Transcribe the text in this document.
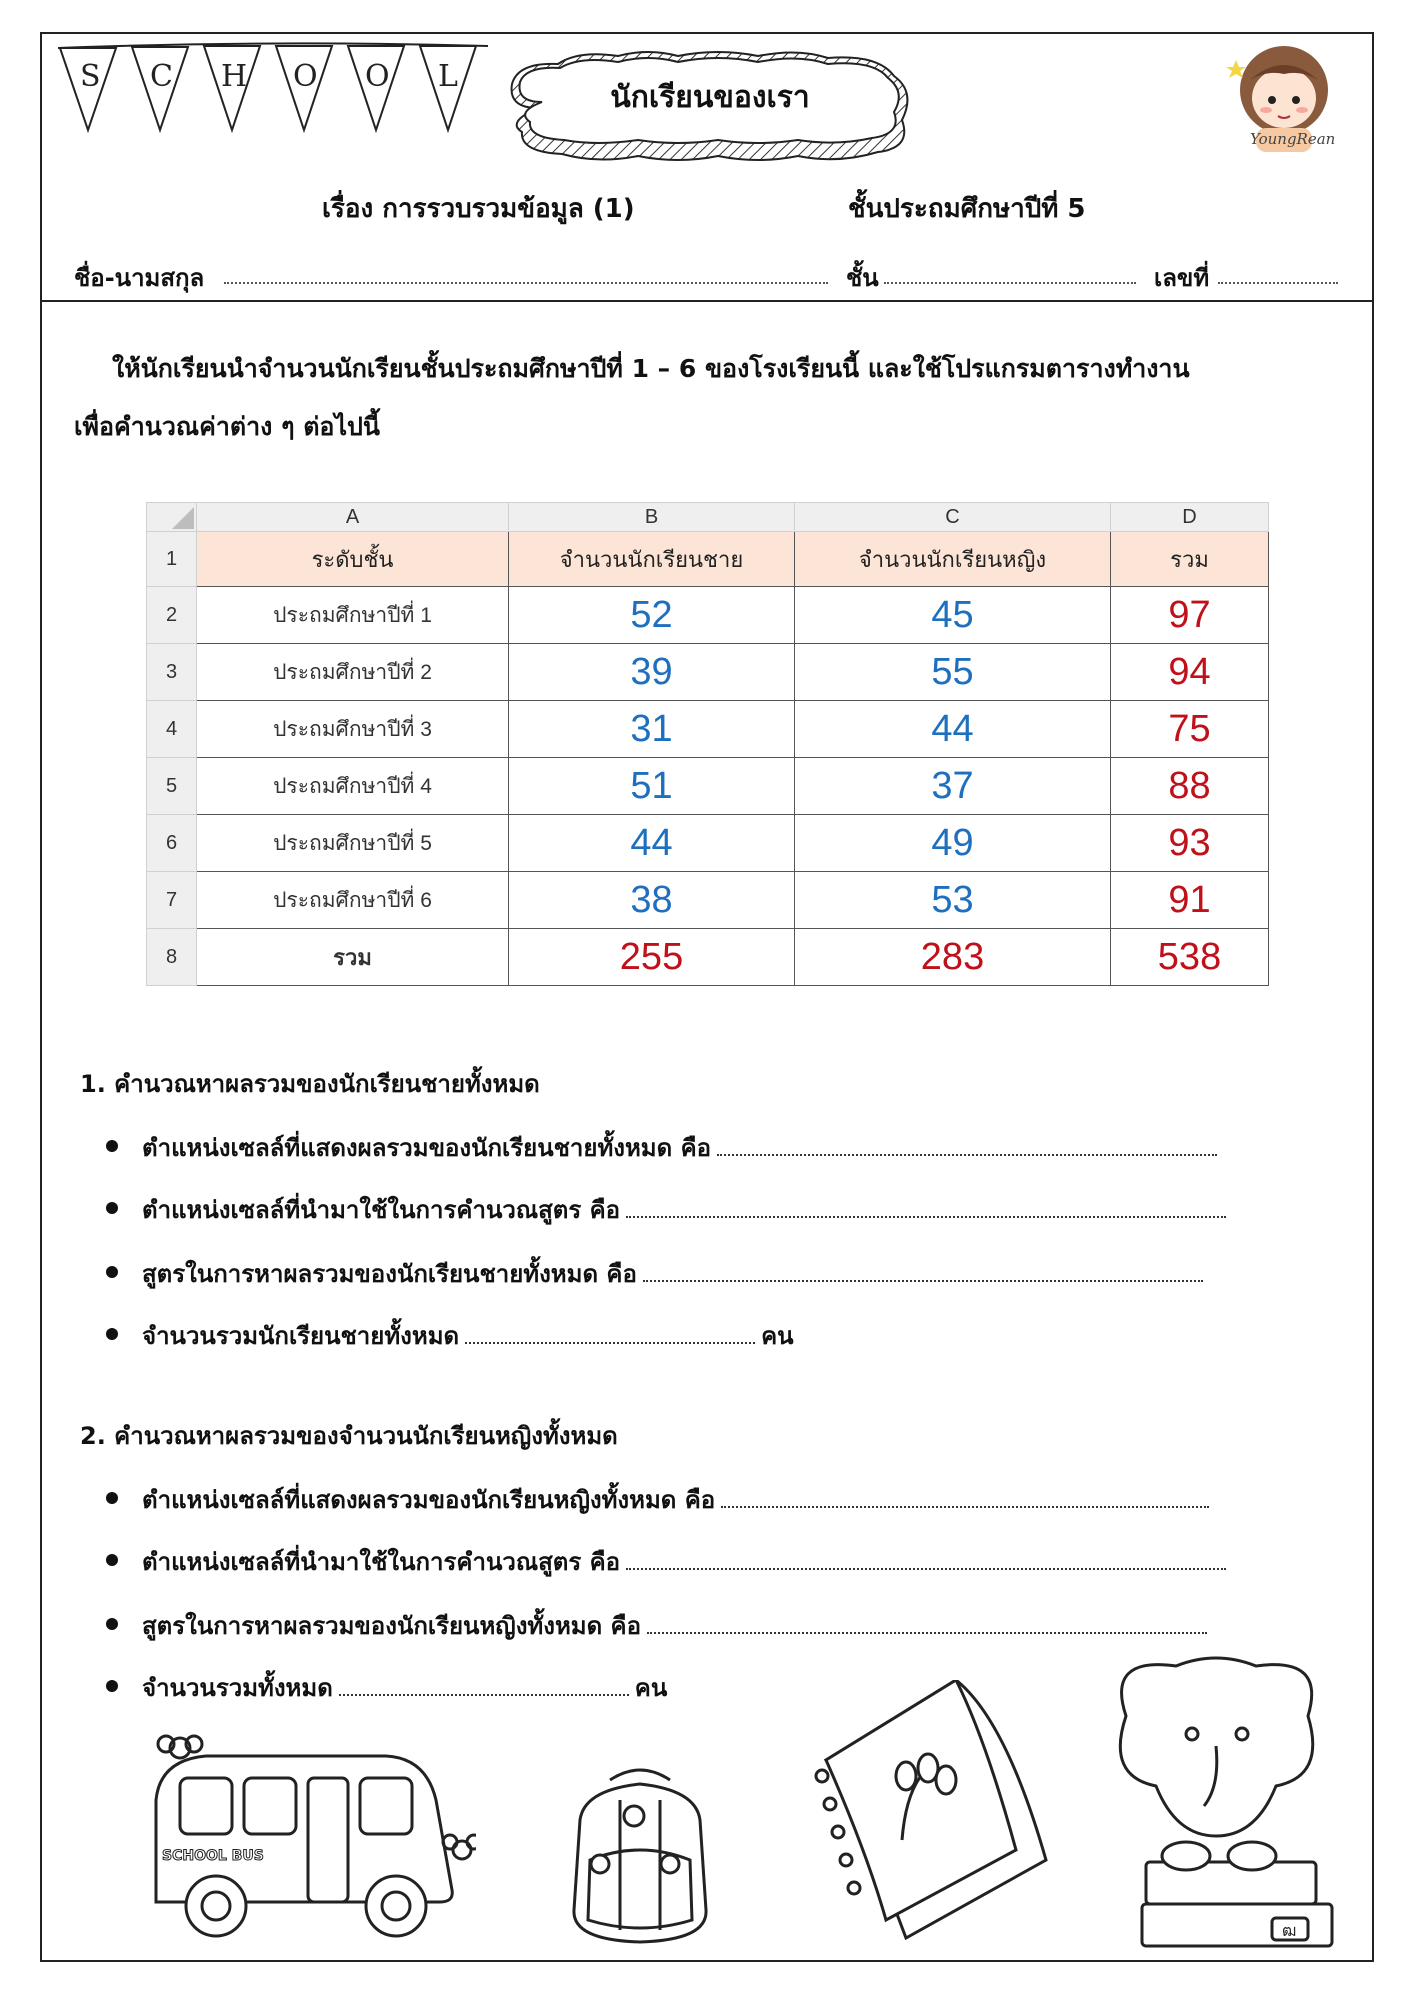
S C H O O L
นักเรียนของเรา
YoungRean
เรื่อง การรวบรวมข้อมูล (1)	ชั้นประถมศึกษาปีที่ 5
ชื่อ-นามสกุล	ชั้น	เลขที่

ให้นักเรียนนำจำนวนนักเรียนชั้นประถมศึกษาปีที่ 1 – 6 ของโรงเรียนนี้ และใช้โปรแกรมตารางทำงาน

เพื่อคำนวณค่าต่าง ๆ ต่อไปนี้

	A	B	C	D
1	ระดับชั้น	จำนวนนักเรียนชาย	จำนวนนักเรียนหญิง	รวม
2	ประถมศึกษาปีที่ 1	52	45	97
3	ประถมศึกษาปีที่ 2	39	55	94
4	ประถมศึกษาปีที่ 3	31	44	75
5	ประถมศึกษาปีที่ 4	51	37	88
6	ประถมศึกษาปีที่ 5	44	49	93
7	ประถมศึกษาปีที่ 6	38	53	91
8	รวม	255	283	538
1. คำนวณหาผลรวมของนักเรียนชายทั้งหมด
ตำแหน่งเซลล์ที่แสดงผลรวมของนักเรียนชายทั้งหมด คือ
ตำแหน่งเซลล์ที่นำมาใช้ในการคำนวณสูตร คือ
สูตรในการหาผลรวมของนักเรียนชายทั้งหมด คือ
จำนวนรวมนักเรียนชายทั้งหมด	คน
2. คำนวณหาผลรวมของจำนวนนักเรียนหญิงทั้งหมด
ตำแหน่งเซลล์ที่แสดงผลรวมของนักเรียนหญิงทั้งหมด คือ
ตำแหน่งเซลล์ที่นำมาใช้ในการคำนวณสูตร คือ
สูตรในการหาผลรวมของนักเรียนหญิงทั้งหมด คือ
จำนวนรวมทั้งหมด	คน
SCHOOL BUS
ฒ
